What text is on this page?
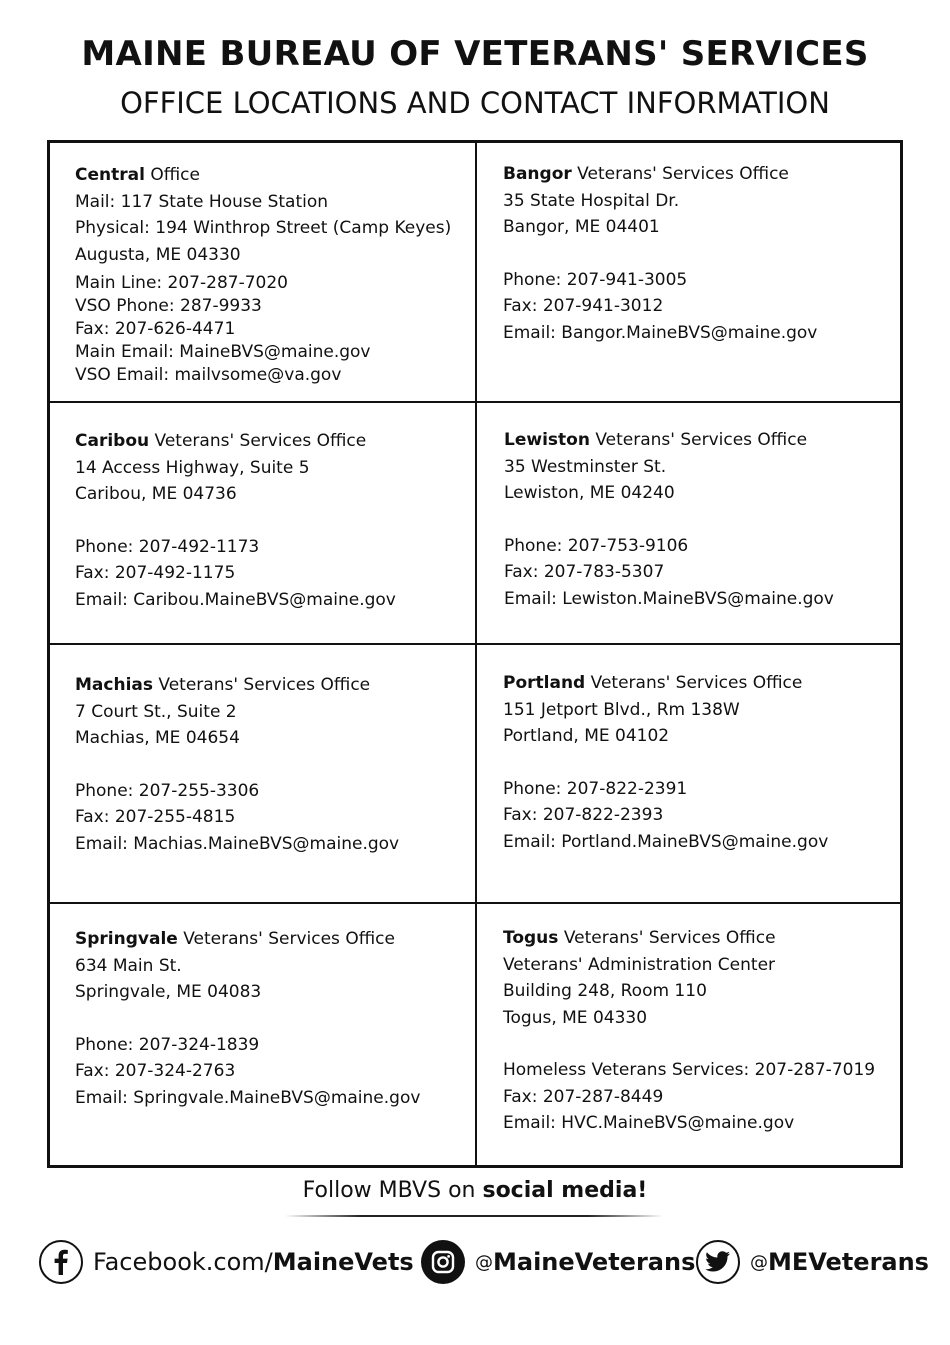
MAINE BUREAU OF VETERANS' SERVICES
OFFICE LOCATIONS AND CONTACT INFORMATION
Central Office
Mail: 117 State House Station
Physical: 194 Winthrop Street (Camp Keyes)
Augusta, ME 04330
Main Line: 207-287-7020
VSO Phone: 287-9933
Fax: 207-626-4471
Main Email: MaineBVS@maine.gov
VSO Email: mailvsome@va.gov
Bangor Veterans' Services Office
35 State Hospital Dr.
Bangor, ME 04401
Phone: 207-941-3005
Fax: 207-941-3012
Email: Bangor.MaineBVS@maine.gov
Caribou Veterans' Services Office
14 Access Highway, Suite 5
Caribou, ME 04736
Phone: 207-492-1173
Fax: 207-492-1175
Email: Caribou.MaineBVS@maine.gov
Lewiston Veterans' Services Office
35 Westminster St.
Lewiston, ME 04240
Phone: 207-753-9106
Fax: 207-783-5307
Email: Lewiston.MaineBVS@maine.gov
Machias Veterans' Services Office
7 Court St., Suite 2
Machias, ME 04654
Phone: 207-255-3306
Fax: 207-255-4815
Email: Machias.MaineBVS@maine.gov
Portland Veterans' Services Office
151 Jetport Blvd., Rm 138W
Portland, ME 04102
Phone: 207-822-2391
Fax: 207-822-2393
Email: Portland.MaineBVS@maine.gov
Springvale Veterans' Services Office
634 Main St.
Springvale, ME 04083
Phone: 207-324-1839
Fax: 207-324-2763
Email: Springvale.MaineBVS@maine.gov
Togus Veterans' Services Office
Veterans' Administration Center
Building 248, Room 110
Togus, ME 04330
Homeless Veterans Services: 207-287-7019
Fax: 207-287-8449
Email: HVC.MaineBVS@maine.gov
Follow MBVS on social media!
Facebook.com/ MaineVets	@ MaineVeterans	@ MEVeterans
